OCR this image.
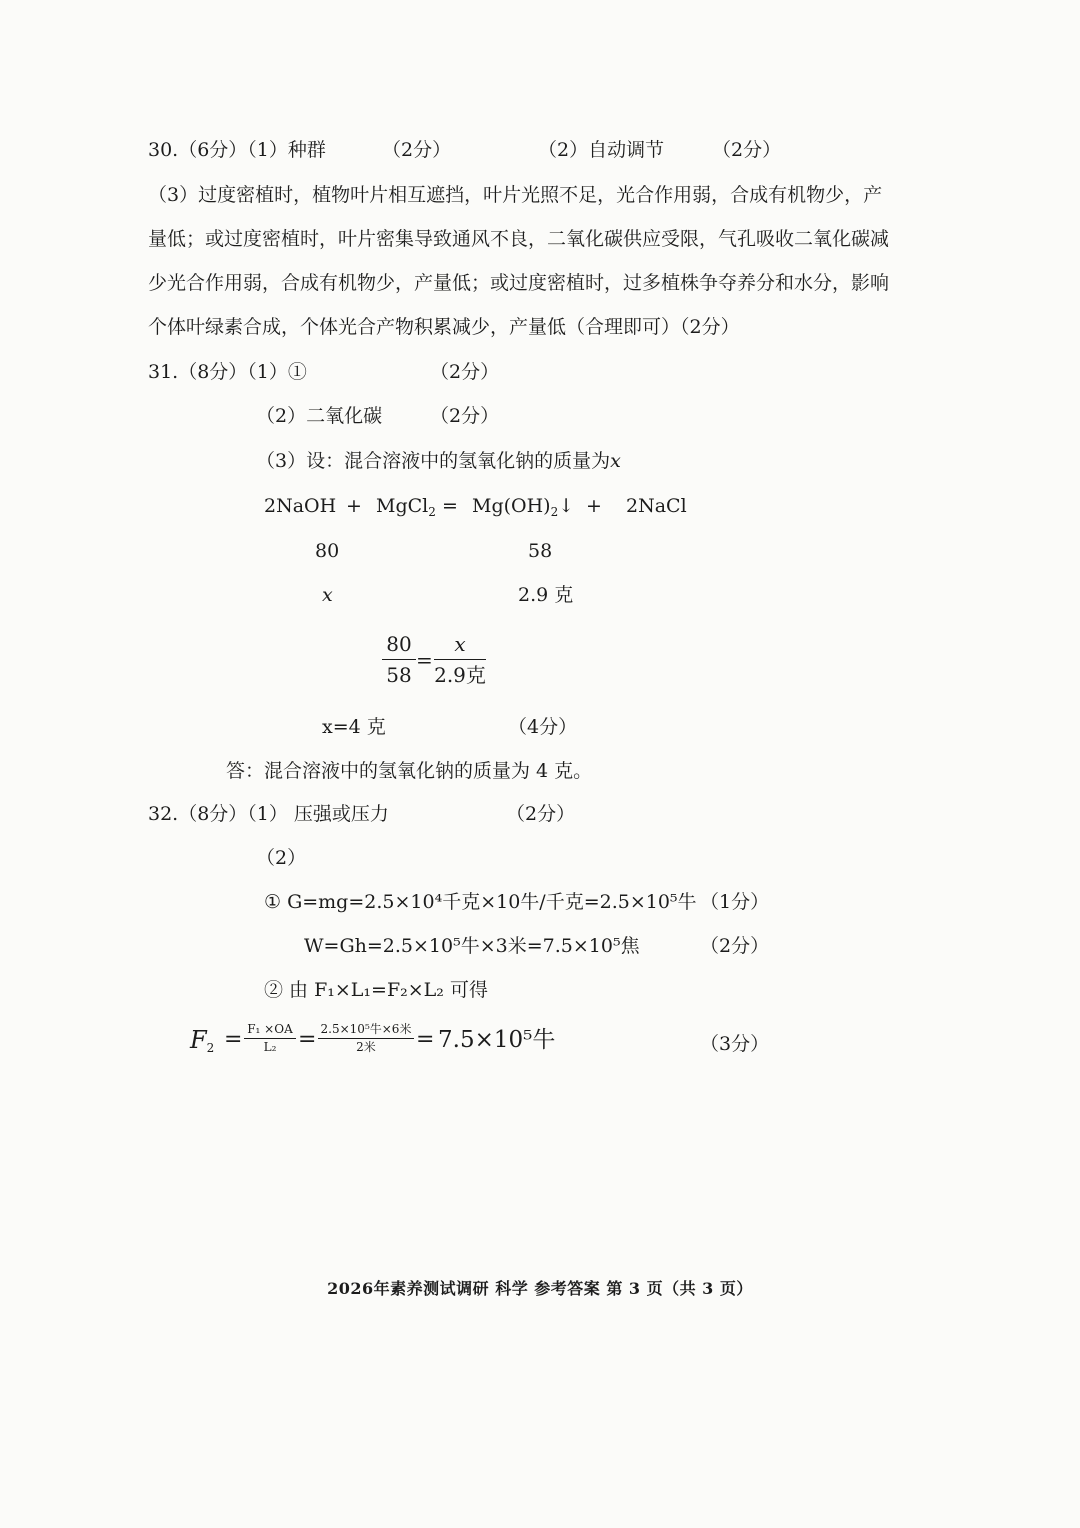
30.（6分）（1）种群	（2分）	（2）自动调节	（2分）
（3）过度密植时，植物叶片相互遮挡，叶片光照不足，光合作用弱，合成有机物少，产
量低；或过度密植时，叶片密集导致通风不良，二氧化碳供应受限，气孔吸收二氧化碳减
少光合作用弱，合成有机物少，产量低；或过度密植时，过多植株争夺养分和水分，影响
个体叶绿素合成，个体光合产物积累减少，产量低（合理即可）（2分）
31.（8分）（1）①	（2分）
（2）二氧化碳	（2分）
（3）设：混合溶液中的氢氧化钠的质量为x
2NaOH + MgCl$_2$ = $Mg(OH)_2↓$ + 2NaCl
80	58
x	2.9 克
80
58
=
x
2.9克
x=4 克	（4分）
答：混合溶液中的氢氧化钠的质量为 4 克。
32.（8分）（1） 压强或压力	（2分）
（2）
① G=mg=2.5×10⁴千克×10牛/千克=2.5×10⁵牛 （1分）
W=Gh=2.5×10⁵牛×3米=7.5×10⁵焦	（2分）
② 由 F₁×L₁=F₂×L₂ 可得
$F_2 = F_1 \times OA$
L₂ = 2.5×10⁵牛×6米
2米	= 7.5×10⁵牛	（3分）
2026年素养测试调研 科学 参考答案 第 3 页（共 3 页）
